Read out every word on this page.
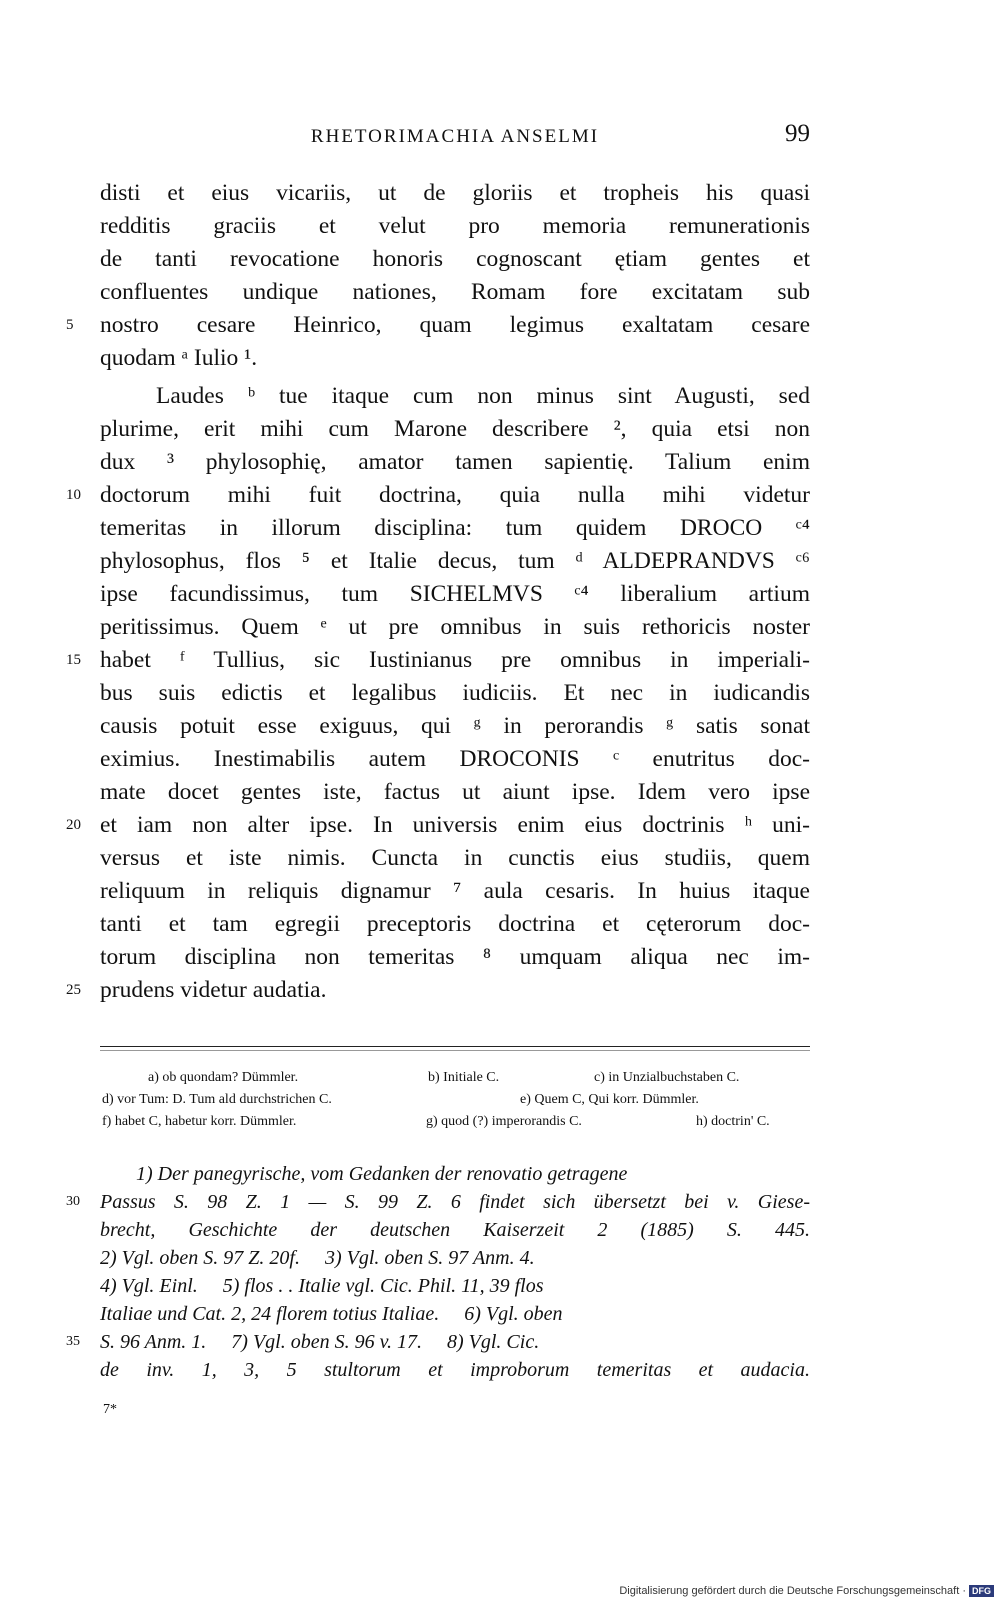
RHETORIMACHIA ANSELMI	99
disti et eius vicariis, ut de gloriis et tropheis his quasi
redditis graciis et velut pro memoria remunerationis
de tanti revocatione honoris cognoscant ętiam gentes et
confluentes undique nationes, Romam fore excitatam sub
nostro cesare Heinrico, quam legimus exaltatam cesare
quodam ᵃ Iulio ¹.
Laudes ᵇ tue itaque cum non minus sint Augusti, sed
plurime, erit mihi cum Marone describere ², quia etsi non
dux ³ phylosophię, amator tamen sapientię. Talium enim
doctorum mihi fuit doctrina, quia nulla mihi videtur
temeritas in illorum disciplina: tum quidem DROCO ᶜ⁴
phylosophus, flos ⁵ et Italie decus, tum ᵈ ALDEPRANDVS ᶜ⁶
ipse facundissimus, tum SICHELMVS ᶜ⁴ liberalium artium
peritissimus. Quem ᵉ ut pre omnibus in suis rethoricis noster
habet ᶠ Tullius, sic Iustinianus pre omnibus in imperiali-
bus suis edictis et legalibus iudiciis. Et nec in iudicandis
causis potuit esse exiguus, qui ᵍ in perorandis ᵍ satis sonat
eximius. Inestimabilis autem DROCONIS ᶜ enutritus doc-
mate docet gentes iste, factus ut aiunt ipse. Idem vero ipse
et iam non alter ipse. In universis enim eius doctrinis ʰ uni-
versus et iste nimis. Cuncta in cunctis eius studiis, quem
reliquum in reliquis dignamur ⁷ aula cesaris. In huius itaque
tanti et tam egregii preceptoris doctrina et cęterorum doc-
torum disciplina non temeritas ⁸ umquam aliqua nec im-
prudens videtur audatia.
5
10
15
20
25
a) ob quondam? Dümmler.	b) Initiale C.	c) in Unzialbuchstaben C.
d) vor Tum: D. Tum ald durchstrichen C.	e) Quem C, Qui korr. Dümmler.
f) habet C, habetur korr. Dümmler.	g) quod (?) imperorandis C.	h) doctrin' C.
1) Der panegyrische, vom Gedanken der renovatio getragene
Passus S. 98 Z. 1 — S. 99 Z. 6 findet sich übersetzt bei v. Giese-
brecht, Geschichte der deutschen Kaiserzeit 2 (1885) S. 445.
2) Vgl. oben S. 97 Z. 20f.     3) Vgl. oben S. 97 Anm. 4.
4) Vgl. Einl.     5) flos . . Italie vgl. Cic. Phil. 11, 39 flos
Italiae und Cat. 2, 24 florem totius Italiae.     6) Vgl. oben
S. 96 Anm. 1.     7) Vgl. oben S. 96 v. 17.     8) Vgl. Cic.
de inv. 1, 3, 5 stultorum et improborum temeritas et audacia.
30
35
7*
Digitalisierung gefördert durch die Deutsche Forschungsgemeinschaft · DFG
